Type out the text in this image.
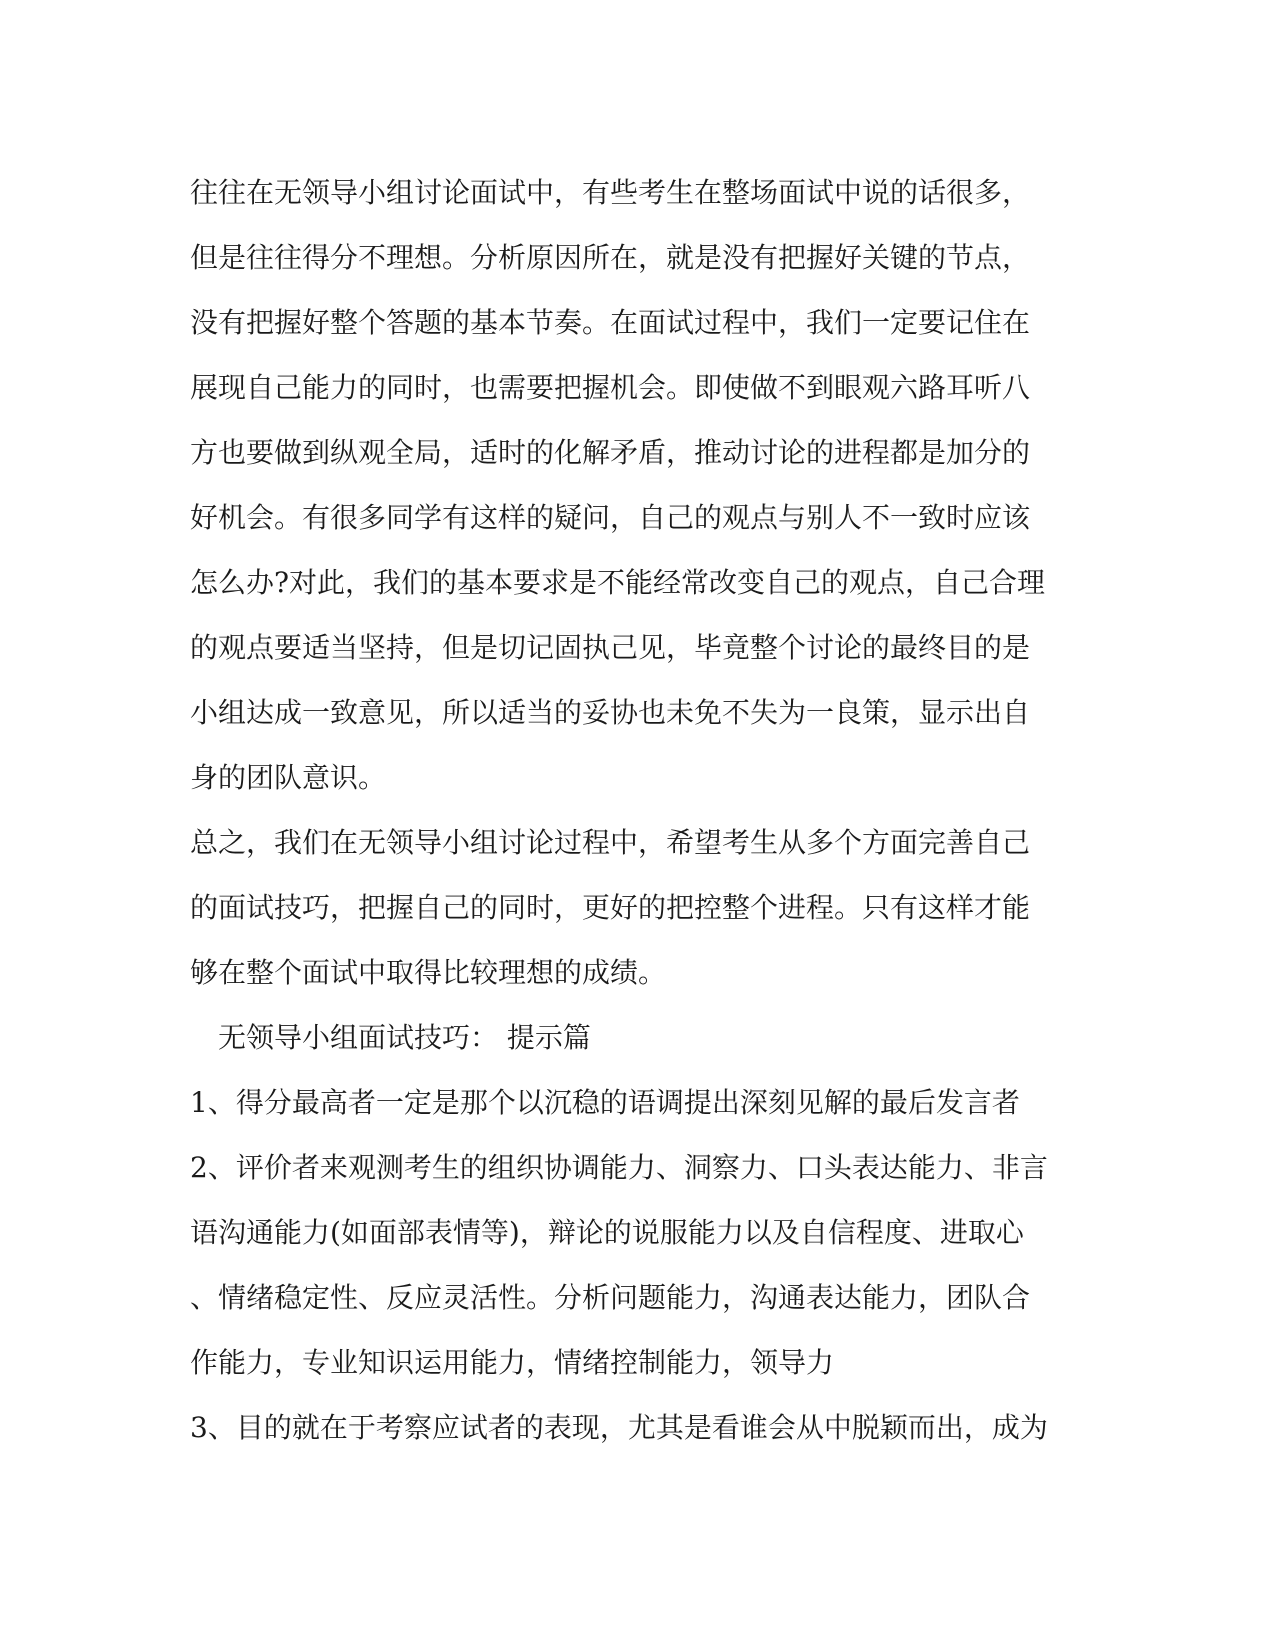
往往在无领导小组讨论面试中，有些考生在整场面试中说的话很多，
但是往往得分不理想。分析原因所在，就是没有把握好关键的节点，
没有把握好整个答题的基本节奏。在面试过程中，我们一定要记住在
展现自己能力的同时，也需要把握机会。即使做不到眼观六路耳听八
方也要做到纵观全局，适时的化解矛盾，推动讨论的进程都是加分的
好机会。有很多同学有这样的疑问，自己的观点与别人不一致时应该
怎么办?对此，我们的基本要求是不能经常改变自己的观点，自己合理
的观点要适当坚持，但是切记固执己见，毕竟整个讨论的最终目的是
小组达成一致意见，所以适当的妥协也未免不失为一良策，显示出自
身的团队意识。
总之，我们在无领导小组讨论过程中，希望考生从多个方面完善自己
的面试技巧，把握自己的同时，更好的把控整个进程。只有这样才能
够在整个面试中取得比较理想的成绩。
无领导小组面试技巧： 提示篇
1、得分最高者一定是那个以沉稳的语调提出深刻见解的最后发言者
2、评价者来观测考生的组织协调能力、洞察力、口头表达能力、非言
语沟通能力(如面部表情等)，辩论的说服能力以及自信程度、进取心
、情绪稳定性、反应灵活性。分析问题能力，沟通表达能力，团队合
作能力，专业知识运用能力，情绪控制能力，领导力
3、目的就在于考察应试者的表现，尤其是看谁会从中脱颖而出，成为
